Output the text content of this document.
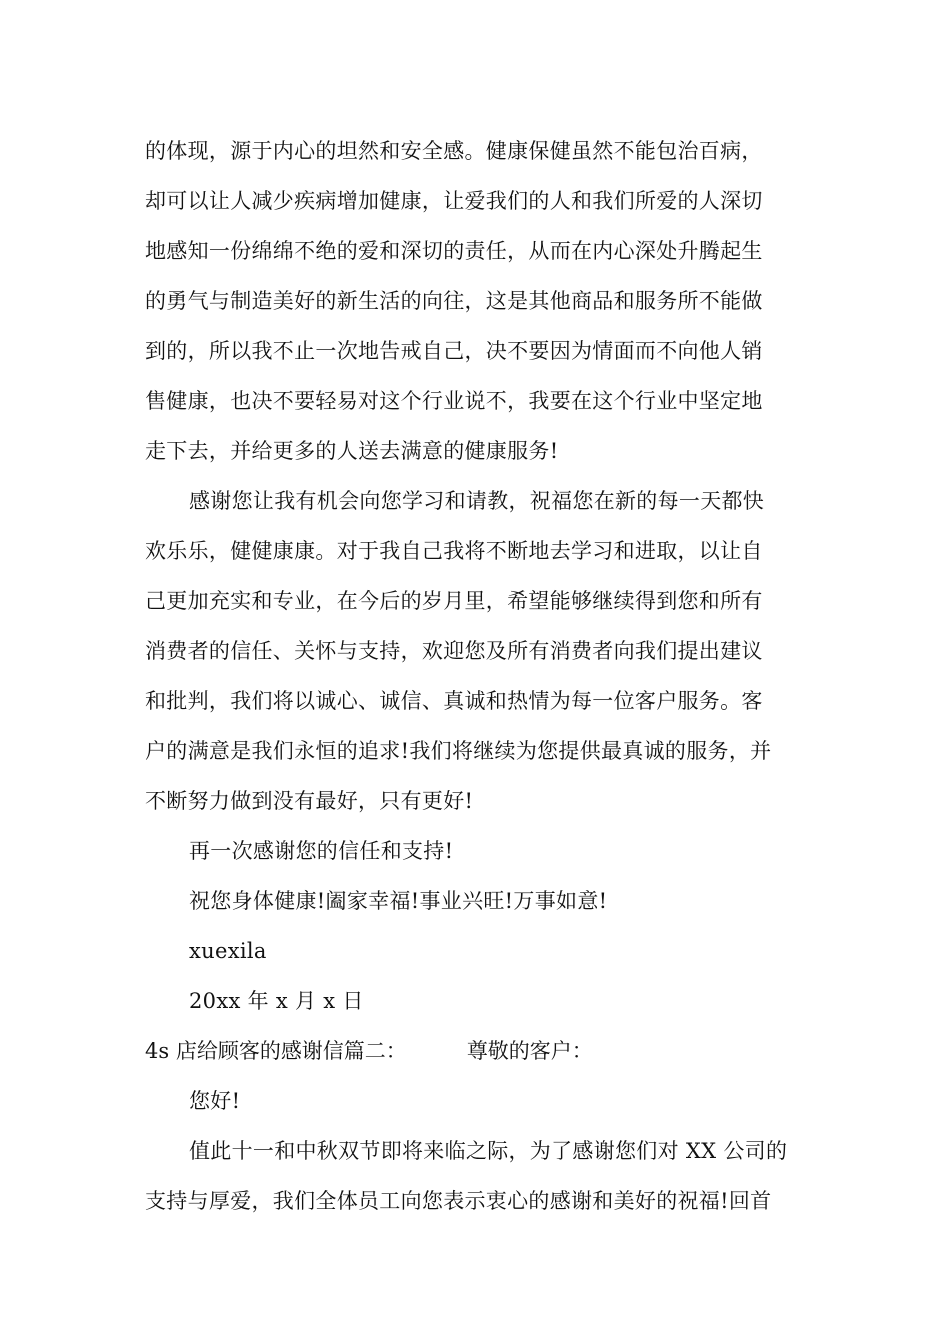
的体现，源于内心的坦然和安全感。健康保健虽然不能包治百病，
却可以让人减少疾病增加健康，让爱我们的人和我们所爱的人深切
地感知一份绵绵不绝的爱和深切的责任，从而在内心深处升腾起生
的勇气与制造美好的新生活的向往，这是其他商品和服务所不能做
到的，所以我不止一次地告戒自己，决不要因为情面而不向他人销
售健康，也决不要轻易对这个行业说不，我要在这个行业中坚定地
走下去，并给更多的人送去满意的健康服务!
感谢您让我有机会向您学习和请教，祝福您在新的每一天都快
欢乐乐，健健康康。对于我自己我将不断地去学习和进取，以让自
己更加充实和专业，在今后的岁月里，希望能够继续得到您和所有
消费者的信任、关怀与支持，欢迎您及所有消费者向我们提出建议
和批判，我们将以诚心、诚信、真诚和热情为每一位客户服务。客
户的满意是我们永恒的追求!我们将继续为您提供最真诚的服务，并
不断努力做到没有最好，只有更好!
再一次感谢您的信任和支持!
祝您身体健康!阖家幸福!事业兴旺!万事如意!
xuexila
20xx 年 x 月 x 日
4s 店给顾客的感谢信篇二：	尊敬的客户：
您好!
值此十一和中秋双节即将来临之际，为了感谢您们对 XX 公司的
支持与厚爱，我们全体员工向您表示衷心的感谢和美好的祝福!回首
